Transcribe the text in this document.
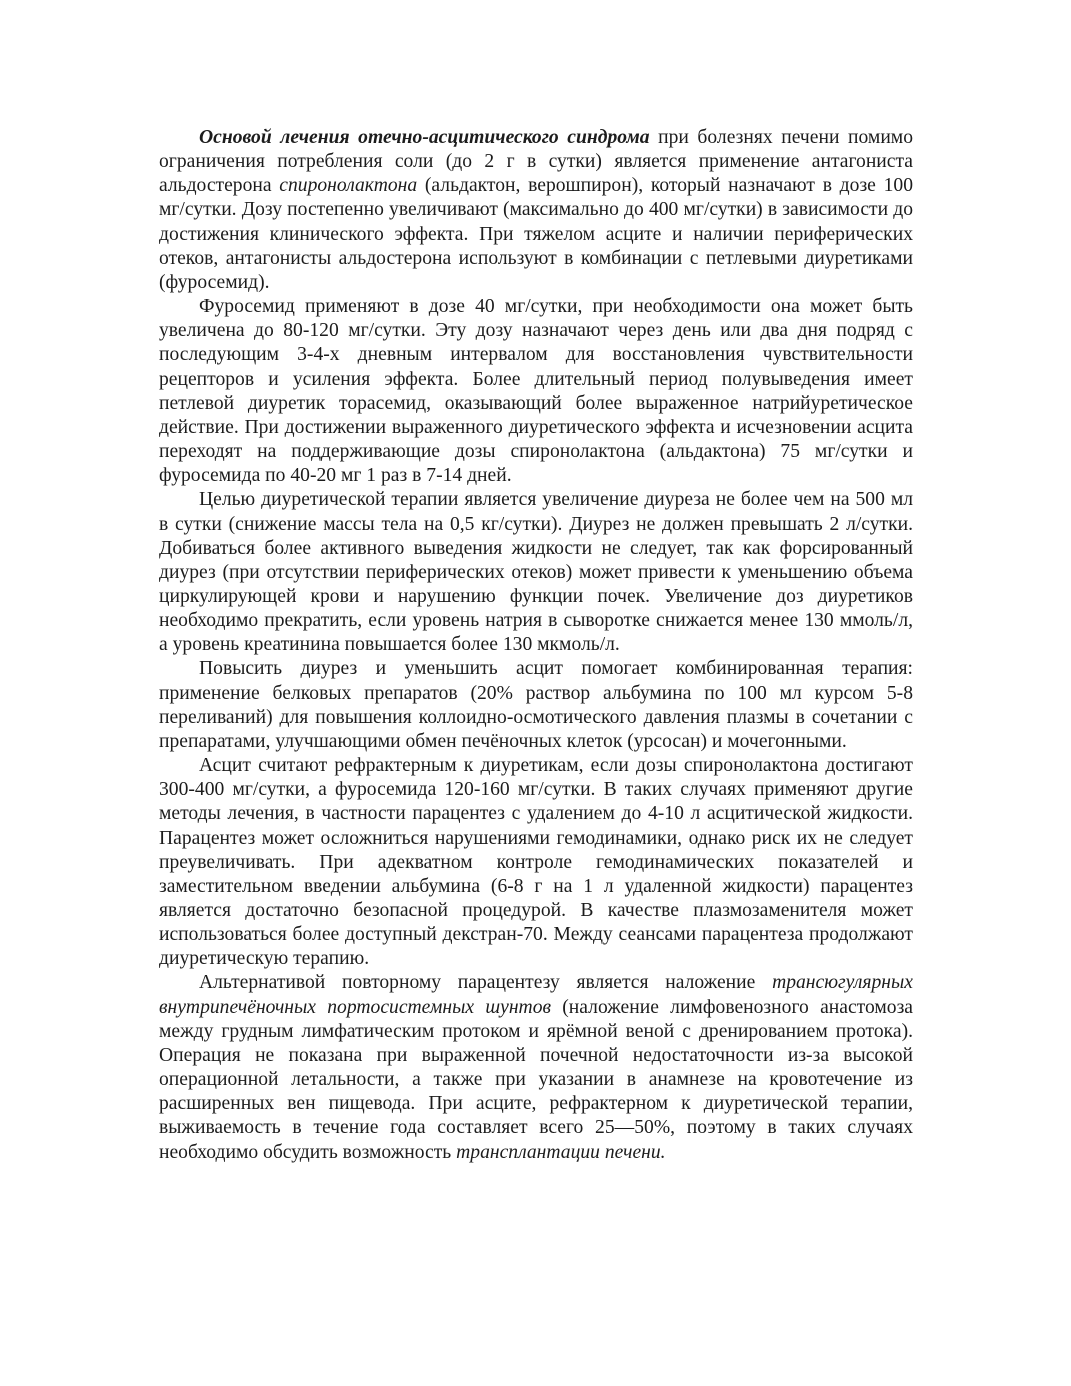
Основой лечения отечно-асцитического синдрома при болезнях печени помимо ограничения потребления соли (до 2 г в сутки) является применение антагониста альдостерона спиронолактона (альдактон, верошпирон), который назначают в дозе 100 мг/сутки. Дозу постепенно увеличивают (максимально до 400 мг/сутки) в зависимости до достижения клинического эффекта. При тяжелом асците и наличии периферических отеков, антагонисты альдостерона используют в комбинации с петлевыми диуретиками (фуросемид).

Фуросемид применяют в дозе 40 мг/сутки, при необходимости она может быть увеличена до 80-120 мг/сутки. Эту дозу назначают через день или два дня подряд с последующим 3-4-х дневным интервалом для восстановления чувствительности рецепторов и усиления эффекта. Более длительный период полувыведения имеет петлевой диуретик торасемид, оказывающий более выраженное натрийуретическое действие. При достижении выраженного диуретического эффекта и исчезновении асцита переходят на поддерживающие дозы спиронолактона (альдактона) 75 мг/сутки и фуросемида по 40-20 мг 1 раз в 7-14 дней.

Целью диуретической терапии является увеличение диуреза не более чем на 500 мл в сутки (снижение массы тела на 0,5 кг/сутки). Диурез не должен превышать 2 л/сутки. Добиваться более активного выведения жидкости не следует, так как форсированный диурез (при отсутствии периферических отеков) может привести к уменьшению объема циркулирующей крови и нарушению функции почек. Увеличение доз диуретиков необходимо прекратить, если уровень натрия в сыворотке снижается менее 130 ммоль/л, а уровень креатинина повышается более 130 мкмоль/л.

Повысить диурез и уменьшить асцит помогает комбинированная терапия: применение белковых препаратов (20% раствор альбумина по 100 мл курсом 5-8 переливаний) для повышения коллоидно-осмотического давления плазмы в сочетании с препаратами, улучшающими обмен печёночных клеток (урсосан) и мочегонными.

Асцит считают рефрактерным к диуретикам, если дозы спиронолактона достигают 300-400 мг/сутки, а фуросемида 120-160 мг/сутки. В таких случаях применяют другие методы лечения, в частности парацентез с удалением до 4-10 л асцитической жидкости. Парацентез может осложниться нарушениями гемодинамики, однако риск их не следует преувеличивать. При адекватном контроле гемодинамических показателей и заместительном введении альбумина (6-8 г на 1 л удаленной жидкости) парацентез является достаточно безопасной процедурой. В качестве плазмозаменителя может использоваться более доступный декстран-70. Между сеансами парацентеза продолжают диуретическую терапию.

Альтернативой повторному парацентезу является наложение трансюгулярных внутрипечёночных портосистемных шунтов (наложение лимфовенозного анастомоза между грудным лимфатическим протоком и ярёмной веной с дренированием протока). Операция не показана при выраженной почечной недостаточности из-за высокой операционной летальности, а также при указании в анамнезе на кровотечение из расширенных вен пищевода. При асците, рефрактерном к диуретической терапии, выживаемость в течение года составляет всего 25—50%, поэтому в таких случаях необходимо обсудить возможность трансплантации печени.
